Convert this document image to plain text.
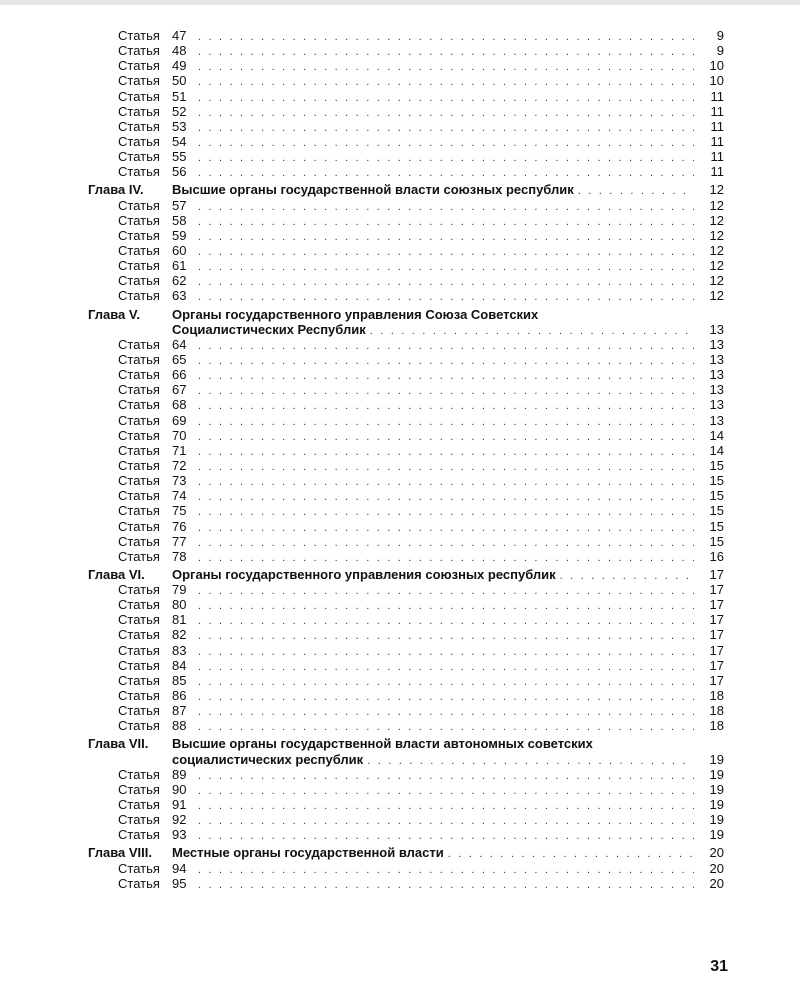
Статья 47 . . .	9
Статья 48 . . .	9
Статья 49 . . .	10
Статья 50 . . .	10
Статья 51 . . .	11
Статья 52 . . .	11
Статья 53 . . .	11
Статья 54 . . .	11
Статья 55 . . .	11
Статья 56 . . .	11
Глава IV.	Высшие органы государственной власти союзных республик . . .	12
Статья 57 . . .	12
Статья 58 . . .	12
Статья 59 . . .	12
Статья 60 . . .	12
Статья 61 . . .	12
Статья 62 . . .	12
Статья 63 . . .	12
Глава V.	Органы государственного управления Союза Советских
Социалистических Республик . . .	13
Статья 64 . . .	13
Статья 65 . . .	13
Статья 66 . . .	13
Статья 67 . . .	13
Статья 68 . . .	13
Статья 69 . . .	13
Статья 70 . . .	14
Статья 71 . . .	14
Статья 72 . . .	15
Статья 73 . . .	15
Статья 74 . . .	15
Статья 75 . . .	15
Статья 76 . . .	15
Статья 77 . . .	15
Статья 78 . . .	16
Глава VI.	Органы государственного управления союзных республик . . .	17
Статья 79 . . .	17
Статья 80 . . .	17
Статья 81 . . .	17
Статья 82 . . .	17
Статья 83 . . .	17
Статья 84 . . .	17
Статья 85 . . .	17
Статья 86 . . .	18
Статья 87 . . .	18
Статья 88 . . .	18
Глава VII.	Высшие органы государственной власти автономных советских
социалистических республик . . .	19
Статья 89 . . .	19
Статья 90 . . .	19
Статья 91 . . .	19
Статья 92 . . .	19
Статья 93 . . .	19
Глава VIII.	Местные органы государственной власти . . .	20
Статья 94 . . .	20
Статья 95 . . .	20
31
